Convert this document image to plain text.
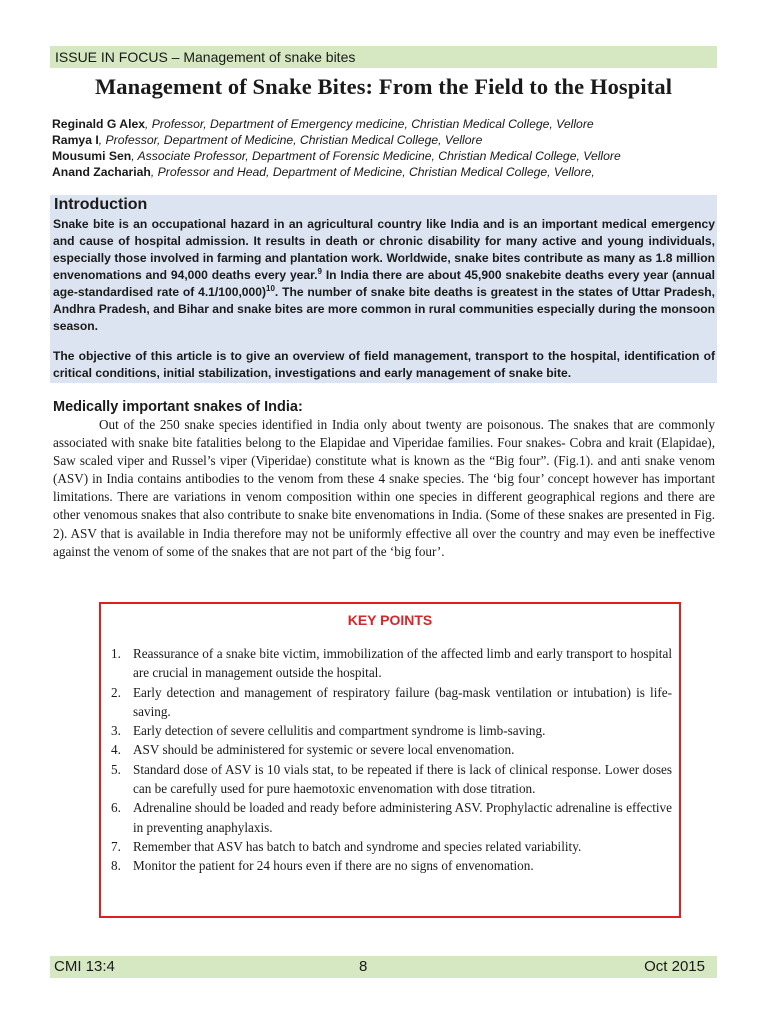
ISSUE IN FOCUS – Management of snake bites
Management of Snake Bites: From the Field to the Hospital
Reginald G Alex, Professor, Department of Emergency medicine, Christian Medical College, Vellore
Ramya I, Professor, Department of Medicine, Christian Medical College, Vellore
Mousumi Sen, Associate Professor, Department of Forensic Medicine, Christian Medical College, Vellore
Anand Zachariah, Professor and Head, Department of Medicine, Christian Medical College, Vellore,
Introduction
Snake bite is an occupational hazard in an agricultural country like India and is an important medical emergency and cause of hospital admission. It results in death or chronic disability for many active and young individuals, especially those involved in farming and plantation work. Worldwide, snake bites contribute as many as 1.8 million envenomations and 94,000 deaths every year.$^9$ In India there are about 45,900 snakebite deaths every year (annual age-standardised rate of 4.1/100,000)$^{10}$. The number of snake bite deaths is greatest in the states of Uttar Pradesh, Andhra Pradesh, and Bihar and snake bites are more common in rural communities especially during the monsoon season.
The objective of this article is to give an overview of field management, transport to the hospital, identification of critical conditions, initial stabilization, investigations and early management of snake bite.
Medically important snakes of India:
Out of the 250 snake species identified in India only about twenty are poisonous. The snakes that are commonly associated with snake bite fatalities belong to the Elapidae and Viperidae families. Four snakes- Cobra and krait (Elapidae), Saw scaled viper and Russel’s viper (Viperidae) constitute what is known as the “Big four”. (Fig.1). and anti snake venom (ASV) in India contains antibodies to the venom from these 4 snake species. The ‘big four’ concept however has important limitations. There are variations in venom composition within one species in different geographical regions and there are other venomous snakes that also contribute to snake bite envenomations in India. (Some of these snakes are presented in Fig. 2). ASV that is available in India therefore may not be uniformly effective all over the country and may even be ineffective against the venom of some of the snakes that are not part of the ‘big four’.
KEY POINTS
1. Reassurance of a snake bite victim, immobilization of the affected limb and early transport to hospital are crucial in management outside the hospital.
2. Early detection and management of respiratory failure (bag-mask ventilation or intubation) is life-saving.
3. Early detection of severe cellulitis and compartment syndrome is limb-saving.
4. ASV should be administered for systemic or severe local envenomation.
5. Standard dose of ASV is 10 vials stat, to be repeated if there is lack of clinical response. Lower doses can be carefully used for pure haemotoxic envenomation with dose titration.
6. Adrenaline should be loaded and ready before administering ASV. Prophylactic adrenaline is effective in preventing anaphylaxis.
7. Remember that ASV has batch to batch and syndrome and species related variability.
8. Monitor the patient for 24 hours even if there are no signs of envenomation.
CMI 13:4	8	Oct 2015
